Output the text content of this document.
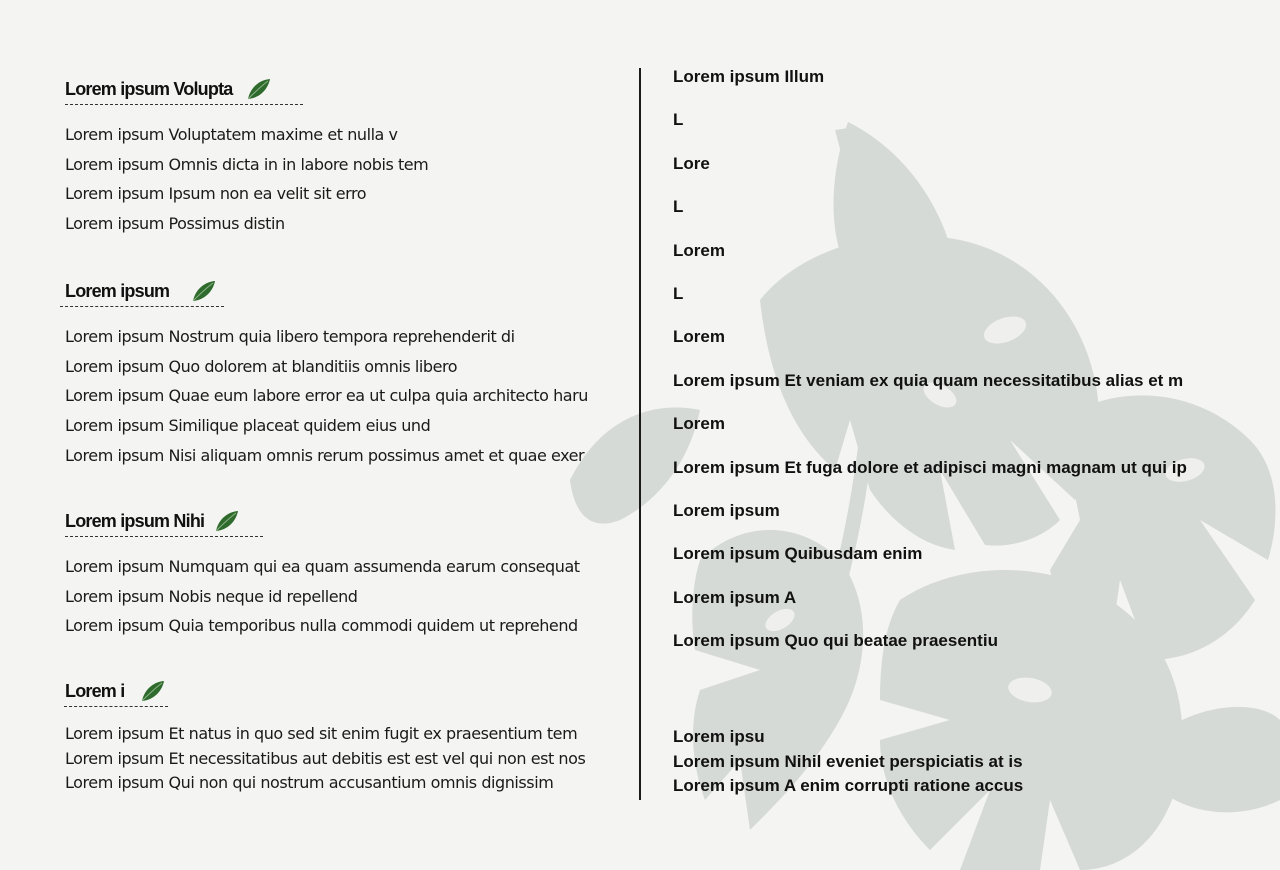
Lorem ipsum Volupta
Lorem ipsum Voluptatem maxime et nulla v
Lorem ipsum Omnis dicta in in labore nobis tem
Lorem ipsum Ipsum non ea velit sit erro
Lorem ipsum Possimus distin
Lorem ipsum
Lorem ipsum Nostrum quia libero tempora reprehenderit di
Lorem ipsum Quo dolorem at blanditiis omnis libero
Lorem ipsum Quae eum labore error ea ut culpa quia architecto haru
Lorem ipsum Similique placeat quidem eius und
Lorem ipsum Nisi aliquam omnis rerum possimus amet et quae exer
Lorem ipsum Nihi
Lorem ipsum Numquam qui ea quam assumenda earum consequat
Lorem ipsum Nobis neque id repellend
Lorem ipsum Quia temporibus nulla commodi quidem ut reprehend
Lorem i
Lorem ipsum Et natus in quo sed sit enim fugit ex praesentium tem
Lorem ipsum Et necessitatibus aut debitis est est vel qui non est nos
Lorem ipsum Qui non qui nostrum accusantium omnis dignissim
Lorem ipsum Illum
L
Lore
L
Lorem
L
Lorem
Lorem ipsum Et veniam ex quia quam necessitatibus alias et m
Lorem
Lorem ipsum Et fuga dolore et adipisci magni magnam ut qui ip
Lorem ipsum
Lorem ipsum Quibusdam enim
Lorem ipsum A
Lorem ipsum Quo qui beatae praesentiu
Lorem ipsu
Lorem ipsum Nihil eveniet perspiciatis at is
Lorem ipsum A enim corrupti ratione accus
